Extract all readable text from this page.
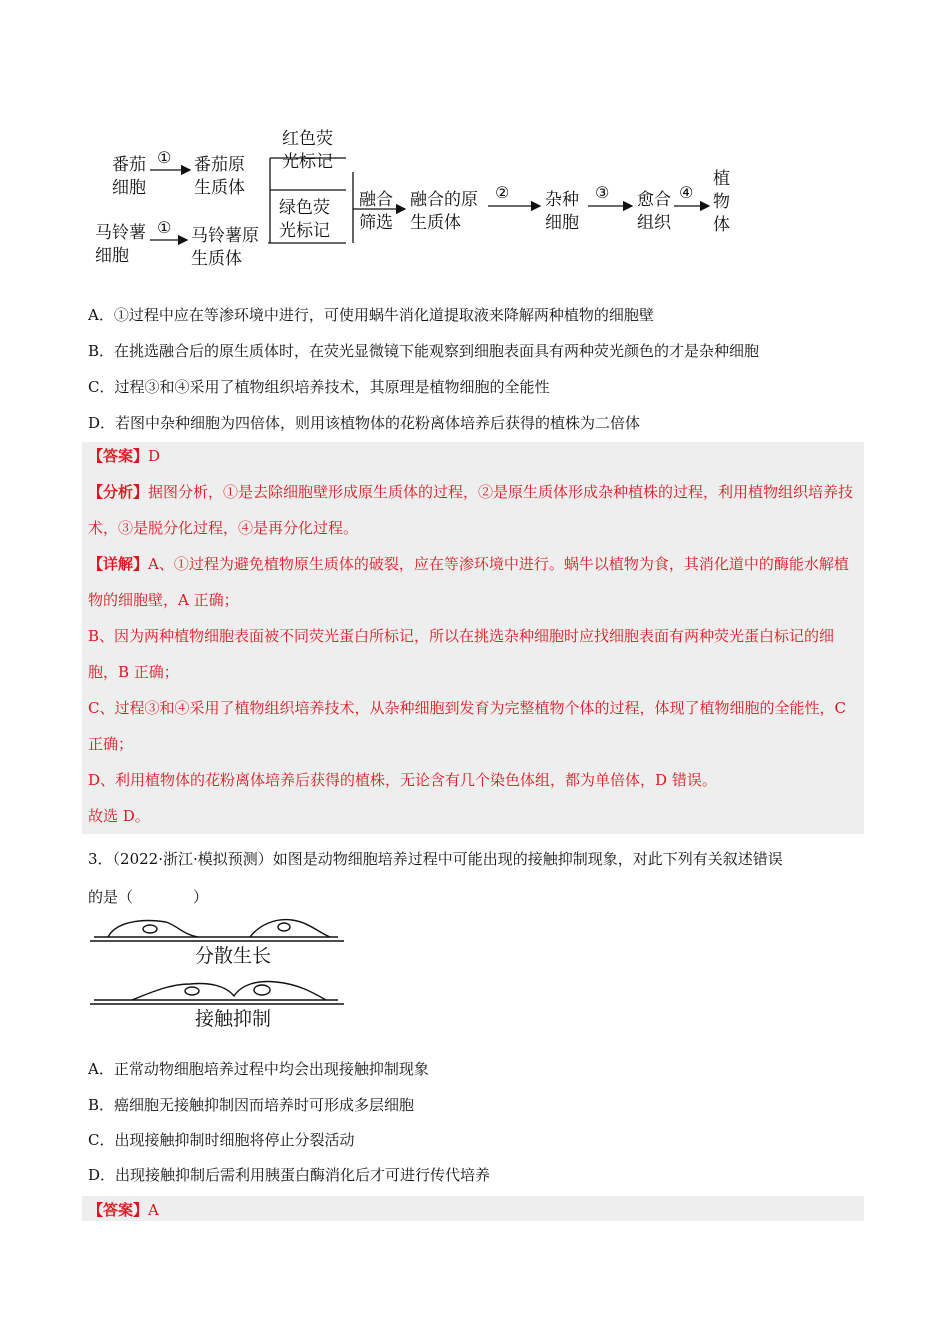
番茄
细胞
① 番茄原
生质体
马铃薯
细胞
① 马铃薯原
生质体
红色荧
光标记
绿色荧
光标记
融合
筛选
融合的原
生质体
② 杂种
细胞
③ 愈合
组织
④
植
物
体
A．①过程中应在等渗环境中进行，可使用蜗牛消化道提取液来降解两种植物的细胞壁
B．在挑选融合后的原生质体时，在荧光显微镜下能观察到细胞表面具有两种荧光颜色的才是杂种细胞
C．过程③和④采用了植物组织培养技术，其原理是植物细胞的全能性
D．若图中杂种细胞为四倍体，则用该植物体的花粉离体培养后获得的植株为二倍体

【答案】D

【分析】据图分析，①是去除细胞壁形成原生质体的过程，②是原生质体形成杂种植株的过程，利用植物组织培养技术，③是脱分化过程，④是再分化过程。

【详解】A、①过程为避免植物原生质体的破裂，应在等渗环境中进行。蜗牛以植物为食，其消化道中的酶能水解植物的细胞壁，A 正确；

B、因为两种植物细胞表面被不同荧光蛋白所标记，所以在挑选杂种细胞时应找细胞表面有两种荧光蛋白标记的细胞，B 正确；

C、过程③和④采用了植物组织培养技术，从杂种细胞到发育为完整植物个体的过程，体现了植物细胞的全能性，C 正确；

D、利用植物体的花粉离体培养后获得的植株，无论含有几个染色体组，都为单倍体，D 错误。

故选 D。

3．（2022·浙江·模拟预测）如图是动物细胞培养过程中可能出现的接触抑制现象，对此下列有关叙述错误
的是（　　　　）
分散生长
接触抑制
A．正常动物细胞培养过程中均会出现接触抑制现象
B．癌细胞无接触抑制因而培养时可形成多层细胞
C．出现接触抑制时细胞将停止分裂活动
D．出现接触抑制后需利用胰蛋白酶消化后才可进行传代培养

【答案】A
